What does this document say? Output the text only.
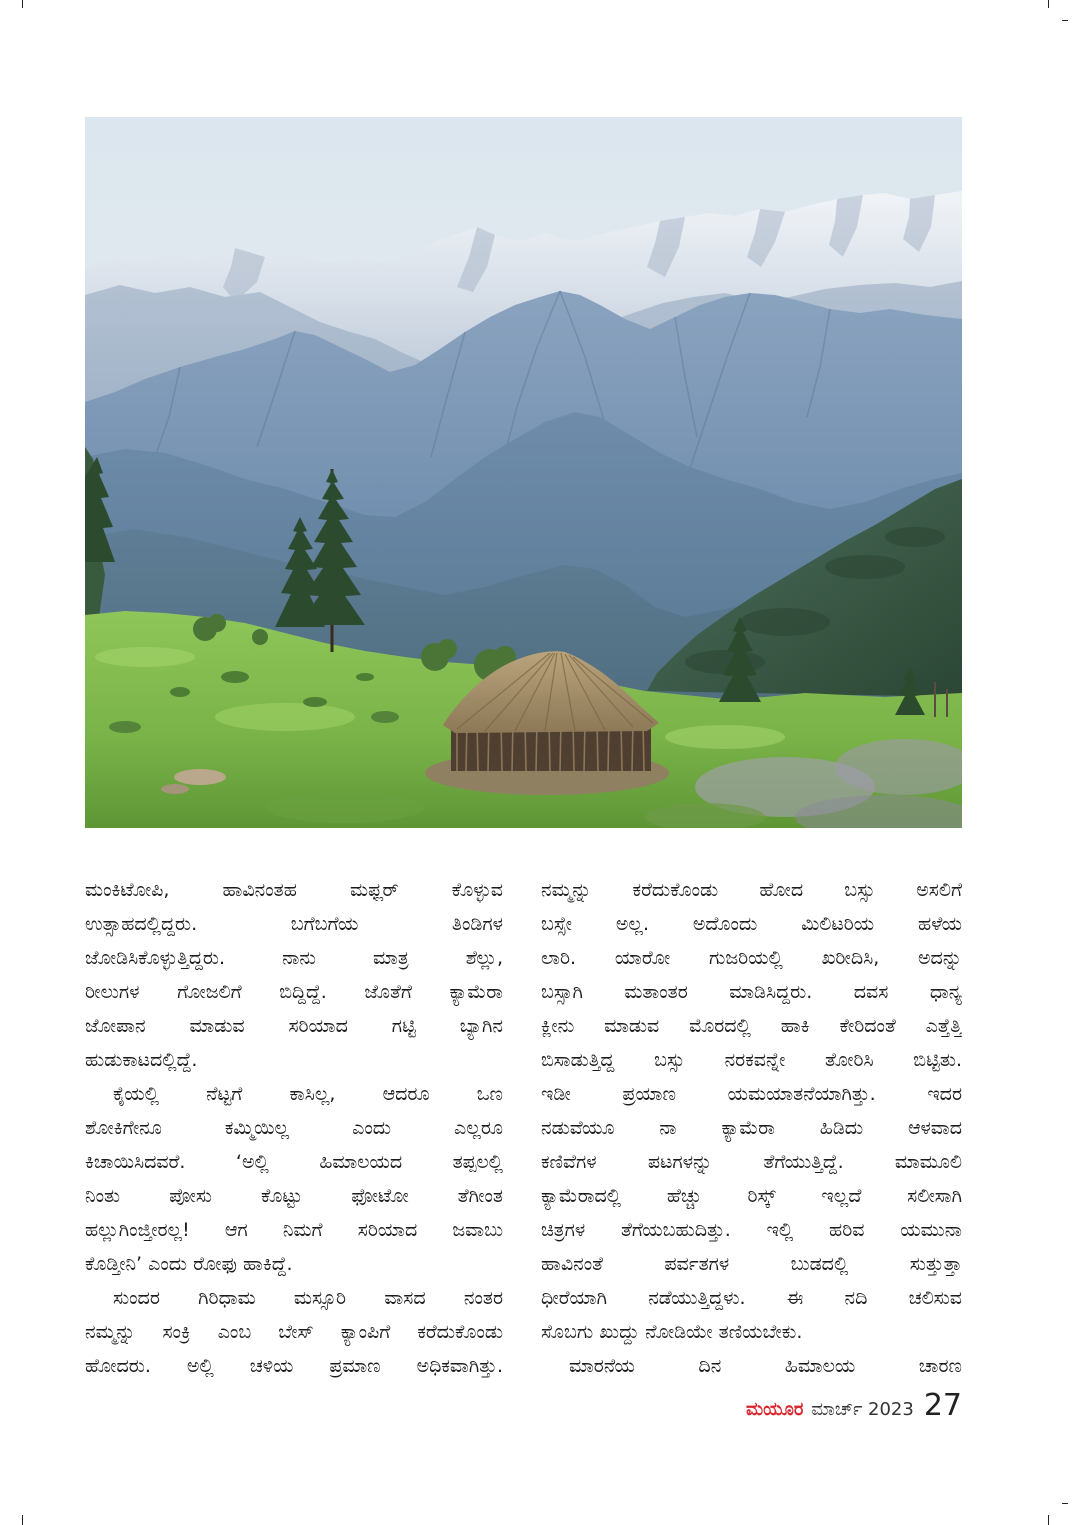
ಮಂಕಿಟೋಪಿ, ಹಾವಿನಂತಹ ಮಫ್ಲರ್ ಕೊಳ್ಳುವ
ಉತ್ಸಾಹದಲ್ಲಿದ್ದರು. ಬಗೆಬಗೆಯ ತಿಂಡಿಗಳ
ಜೋಡಿಸಿಕೊಳ್ಳುತ್ತಿದ್ದರು. ನಾನು ಮಾತ್ರ ಶೆಲ್ಲು,
ರೀಲುಗಳ ಗೋಜಲಿಗೆ ಬಿದ್ದಿದ್ದೆ. ಜೊತೆಗೆ ಕ್ಯಾಮೆರಾ
ಜೋಪಾನ ಮಾಡುವ ಸರಿಯಾದ ಗಟ್ಟಿ ಬ್ಯಾಗಿನ
ಹುಡುಕಾಟದಲ್ಲಿದ್ದೆ.
ಕೈಯಲ್ಲಿ ನೆಟ್ಟಗೆ ಕಾಸಿಲ್ಲ, ಆದರೂ ಒಣ
ಶೋಕಿಗೇನೂ ಕಮ್ಮಿಯಿಲ್ಲ ಎಂದು ಎಲ್ಲರೂ
ಕಿಚಾಯಿಸಿದವರೆ. ‘ಅಲ್ಲಿ ಹಿಮಾಲಯದ ತಪ್ಪಲಲ್ಲಿ
ನಿಂತು ಪೋಸು ಕೊಟ್ಟು ಫೋಟೋ ತೆಗೀಂತ
ಹಲ್ಲುಗಿಂಜ್ತೀರಲ್ಲ! ಆಗ ನಿಮಗೆ ಸರಿಯಾದ ಜವಾಬು
ಕೊಡ್ತೀನಿ’ ಎಂದು ರೋಫು ಹಾಕಿದ್ದೆ.
ಸುಂದರ ಗಿರಿಧಾಮ ಮಸ್ಸೂರಿ ವಾಸದ ನಂತರ
ನಮ್ಮನ್ನು ಸಂಕ್ರಿ ಎಂಬ ಬೇಸ್ ಕ್ಯಾಂಪಿಗೆ ಕರೆದುಕೊಂಡು
ಹೋದರು. ಅಲ್ಲಿ ಚಳಿಯ ಪ್ರಮಾಣ ಅಧಿಕವಾಗಿತ್ತು.
ನಮ್ಮನ್ನು ಕರೆದುಕೊಂಡು ಹೋದ ಬಸ್ಸು ಅಸಲಿಗೆ
ಬಸ್ಸೇ ಅಲ್ಲ. ಅದೊಂದು ಮಿಲಿಟರಿಯ ಹಳೆಯ
ಲಾರಿ. ಯಾರೋ ಗುಜರಿಯಲ್ಲಿ ಖರೀದಿಸಿ, ಅದನ್ನು
ಬಸ್ಸಾಗಿ ಮತಾಂತರ ಮಾಡಿಸಿದ್ದರು. ದವಸ ಧಾನ್ಯ
ಕ್ಲೀನು ಮಾಡುವ ಮೊರದಲ್ಲಿ ಹಾಕಿ ಕೇರಿದಂತೆ ಎತ್ತೆತ್ತಿ
ಬಿಸಾಡುತ್ತಿದ್ದ ಬಸ್ಸು ನರಕವನ್ನೇ ತೋರಿಸಿ ಬಿಟ್ಟಿತು.
ಇಡೀ ಪ್ರಯಾಣ ಯಮಯಾತನೆಯಾಗಿತ್ತು. ಇದರ
ನಡುವೆಯೂ ನಾ ಕ್ಯಾಮೆರಾ ಹಿಡಿದು ಆಳವಾದ
ಕಣಿವೆಗಳ ಪಟಗಳನ್ನು ತೆಗೆಯುತ್ತಿದ್ದೆ. ಮಾಮೂಲಿ
ಕ್ಯಾಮೆರಾದಲ್ಲಿ ಹೆಚ್ಚು ರಿಸ್ಕ್ ಇಲ್ಲದೆ ಸಲೀಸಾಗಿ
ಚಿತ್ರಗಳ ತೆಗೆಯಬಹುದಿತ್ತು. ಇಲ್ಲಿ ಹರಿವ ಯಮುನಾ
ಹಾವಿನಂತೆ ಪರ್ವತಗಳ ಬುಡದಲ್ಲಿ ಸುತ್ತುತ್ತಾ
ಧೀರೆಯಾಗಿ ನಡೆಯುತ್ತಿದ್ದಳು. ಈ ನದಿ ಚಲಿಸುವ
ಸೊಬಗು ಖುದ್ದು ನೋಡಿಯೇ ತಣಿಯಬೇಕು.
ಮಾರನೆಯ ದಿನ ಹಿಮಾಲಯ ಚಾರಣ
ಮಯೂರ ಮಾರ್ಚ್ 2023 27
